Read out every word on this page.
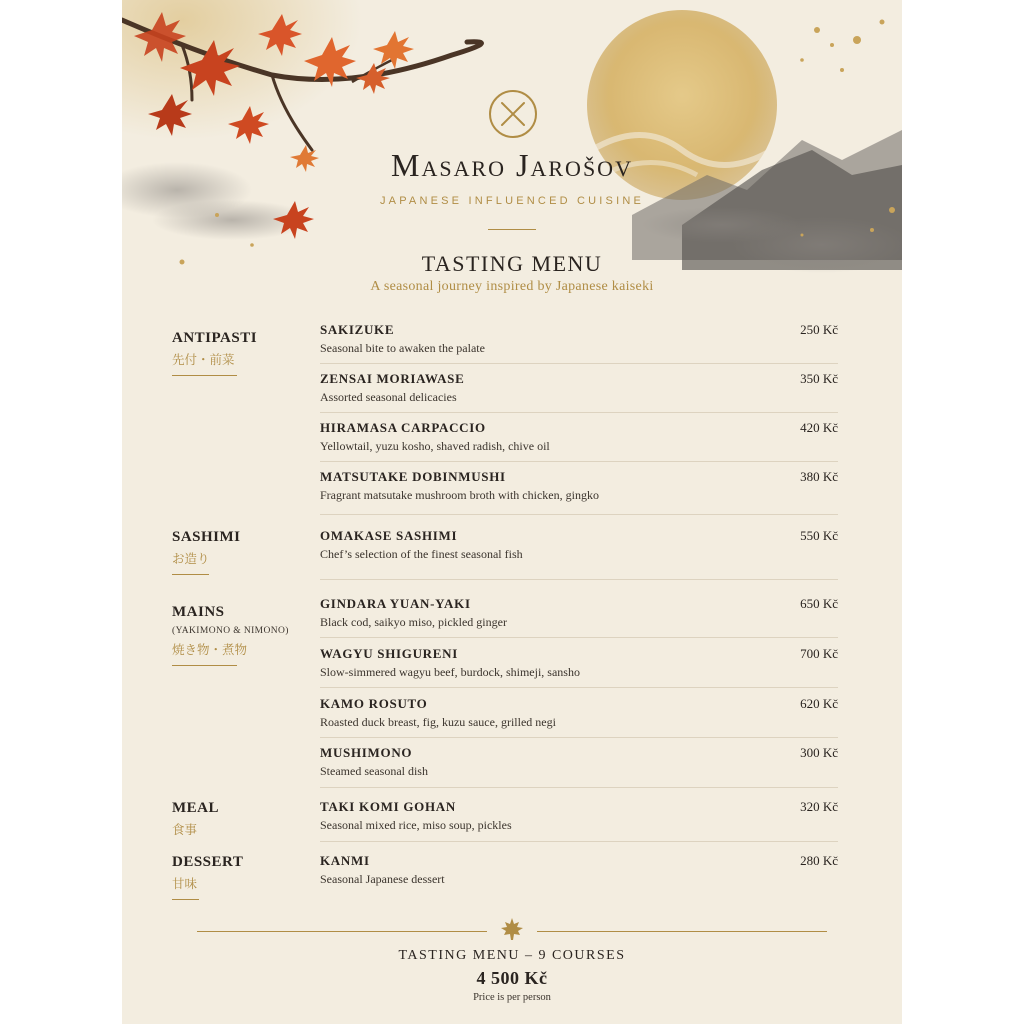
Masaro Jarošov
JAPANESE INFLUENCED CUISINE
TASTING MENU
A seasonal journey inspired by Japanese kaiseki
ANTIPASTI
先付・前菜
SASHIMI
お造り
MAINS
(YAKIMONO & NIMONO)
焼き物・煮物
MEAL
食事
DESSERT
甘味
SAKIZUKE
Seasonal bite to awaken the palate
250 Kč
ZENSAI MORIAWASE
Assorted seasonal delicacies
350 Kč
HIRAMASA CARPACCIO
Yellowtail, yuzu kosho, shaved radish, chive oil
420 Kč
MATSUTAKE DOBINMUSHI
Fragrant matsutake mushroom broth with chicken, gingko
380 Kč
OMAKASE SASHIMI
Chef’s selection of the finest seasonal fish
550 Kč
GINDARA YUAN-YAKI
Black cod, saikyo miso, pickled ginger
650 Kč
WAGYU SHIGURENI
Slow-simmered wagyu beef, burdock, shimeji, sansho
700 Kč
KAMO ROSUTO
Roasted duck breast, fig, kuzu sauce, grilled negi
620 Kč
MUSHIMONO
Steamed seasonal dish
300 Kč
TAKI KOMI GOHAN
Seasonal mixed rice, miso soup, pickles
320 Kč
KANMI
Seasonal Japanese dessert
280 Kč
TASTING MENU – 9 COURSES
4 500 Kč
Price is per person
